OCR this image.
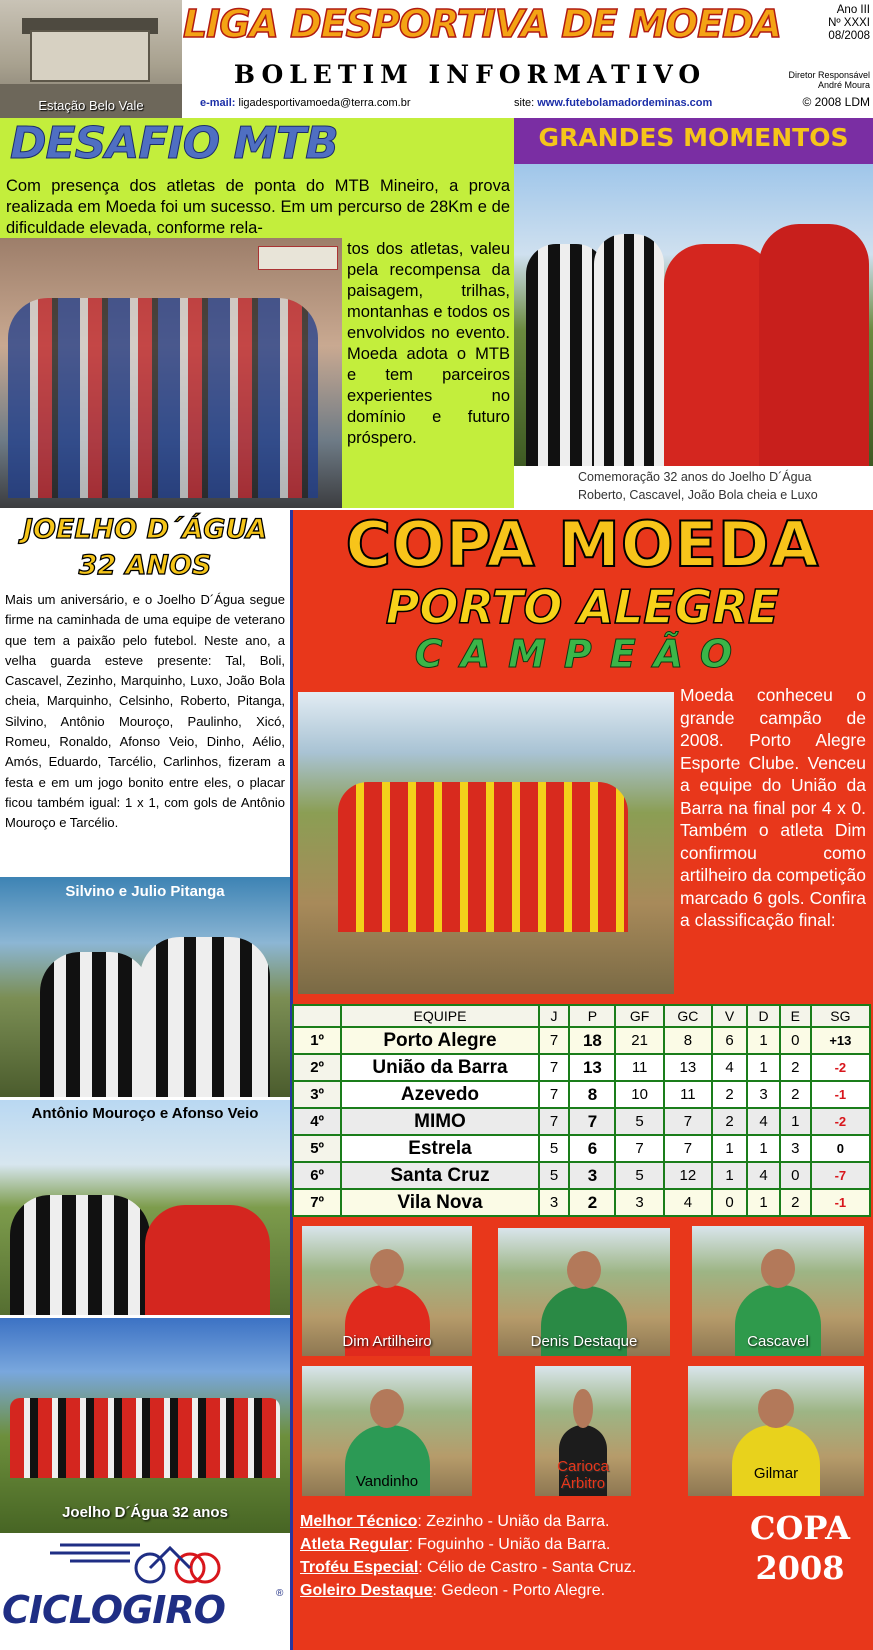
Estação Belo Vale
LIGA DESPORTIVA DE MOEDA
BOLETIM INFORMATIVO
e-mail: ligadesportivamoeda@terra.com.br	site: www.futebolamadordeminas.com
Ano III
Nº XXXI
08/2008
Diretor Responsável
André Moura
© 2008 LDM
DESAFIO MTB
Com presença dos atletas de ponta do MTB Mineiro, a prova realizada em Moeda foi um sucesso. Em um percurso de 28Km e de dificuldade elevada, conforme rela-
tos dos atletas, valeu pela recompensa da paisagem, trilhas, montanhas e todos os envolvidos no evento. Moeda adota o MTB e tem parceiros experientes no domínio e futuro próspero.
GRANDES MOMENTOS
Comemoração 32 anos do Joelho D´Água
Roberto, Cascavel, João Bola cheia e Luxo
JOELHO D´ÁGUA
32 ANOS
Mais um aniversário, e o Joelho D´Água segue firme na caminhada de uma equipe de veterano que tem a paixão pelo futebol. Neste ano, a velha guarda esteve presente: Tal, Boli, Cascavel, Zezinho, Marquinho, Luxo, João Bola cheia, Marquinho, Celsinho, Roberto, Pitanga, Silvino, Antônio Mouroço, Paulinho, Xicó, Romeu, Ronaldo, Afonso Veio, Dinho, Aélio, Amós, Eduardo, Tarcélio, Carlinhos, fizeram a festa e em um jogo bonito entre eles, o placar ficou também igual: 1 x 1, com gols de Antônio Mouroço e Tarcélio.
Silvino e Julio Pitanga
Antônio Mouroço e Afonso Veio
Joelho D´Água 32 anos
CICLOGIRO	®
COPA MOEDA
PORTO ALEGRE
CAMPEÃO
Moeda conheceu o grande campão de 2008. Porto Alegre Esporte Clube. Venceu a equipe do União da Barra na final por 4 x 0. Também o atleta Dim confirmou como artilheiro da competição marcado 6 gols. Confira a classificação final:
	EQUIPE	J	P	GF	GC	V	D	E	SG
1º	Porto Alegre	7	18	21	8	6	1	0	+13
2º	União da Barra	7	13	11	13	4	1	2	-2
3º	Azevedo	7	8	10	11	2	3	2	-1
4º	MIMO	7	7	5	7	2	4	1	-2
5º	Estrela	5	6	7	7	1	1	3	0
6º	Santa Cruz	5	3	5	12	1	4	0	-7
7º	Vila Nova	3	2	3	4	0	1	2	-1
Dim Artilheiro	Denis Destaque	Cascavel
Vandinho
Carioca Árbitro
Gilmar
Melhor Técnico: Zezinho - União da Barra.
Atleta Regular: Foguinho - União da Barra.
Troféu Especial: Célio de Castro - Santa Cruz.
Goleiro Destaque: Gedeon - Porto Alegre.
COPA
2008
